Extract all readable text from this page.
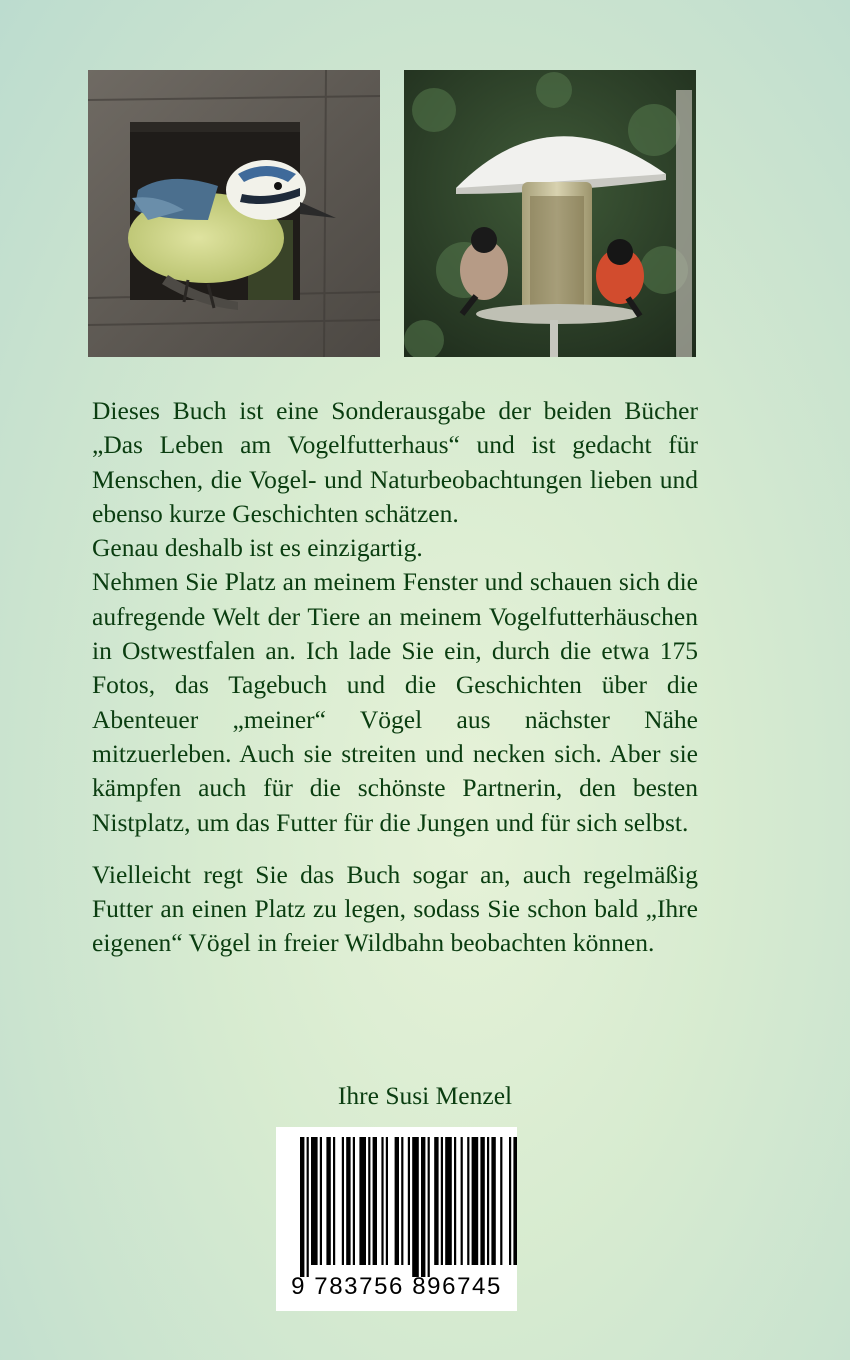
Dieses Buch ist eine Sonderausgabe der beiden Bücher „Das Leben am Vogelfutterhaus“ und ist gedacht für Menschen, die Vogel- und Naturbeobachtungen lieben und ebenso kurze Geschichten schätzen.

Genau deshalb ist es einzigartig.

Nehmen Sie Platz an meinem Fenster und schauen sich die aufregende Welt der Tiere an meinem Vogelfutterhäuschen in Ostwestfalen an. Ich lade Sie ein, durch die etwa 175 Fotos, das Tagebuch und die Geschichten über die Abenteuer „meiner“ Vögel aus nächster Nähe mitzuerleben. Auch sie streiten und necken sich. Aber sie kämpfen auch für die schönste Partnerin, den besten Nistplatz, um das Futter für die Jungen und für sich selbst.

Vielleicht regt Sie das Buch sogar an, auch regelmäßig Futter an einen Platz zu legen, sodass Sie schon bald „Ihre eigenen“ Vögel in freier Wildbahn beobachten können.

Ihre Susi Menzel
9 783756 896745
